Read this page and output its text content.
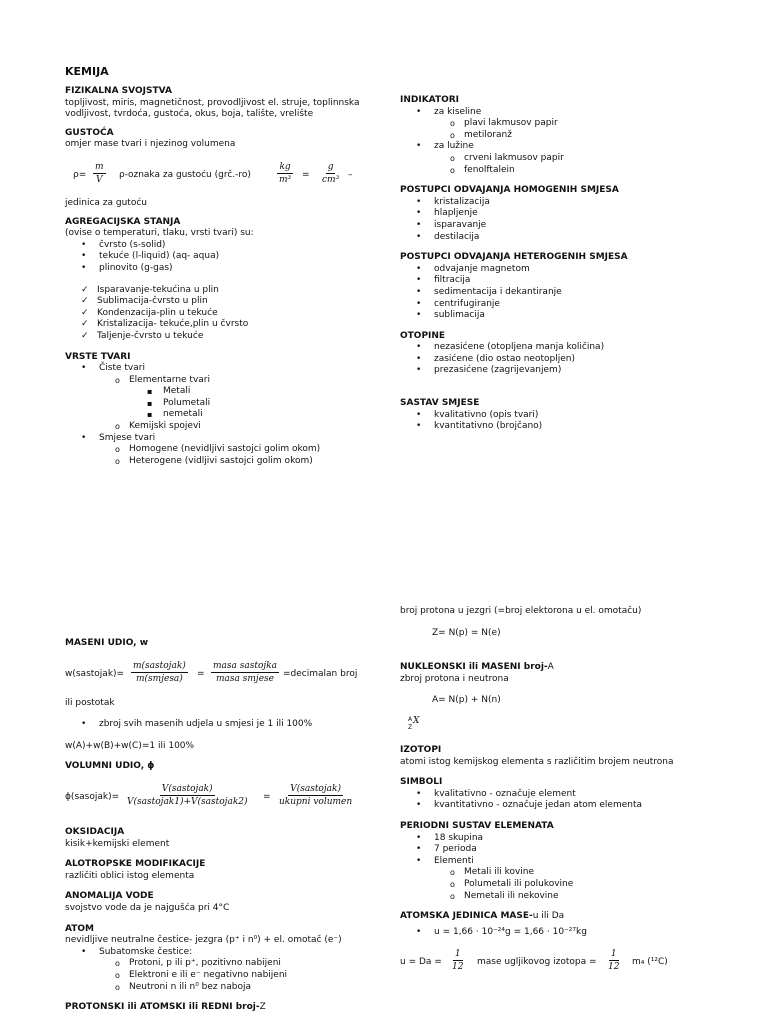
KEMIJA
FIZIKALNA SVOJSTVA
topljivost, miris, magnetičnost, provodljivost el. struje, toplinnska
vodljivost, tvrdoća, gustoća, okus, boja, talište, vrelište
GUSTOĆA
omjer mase tvari i njezinog volumena
$\rho= \frac{m}{V}$ ρ-oznaka za gustoću (grč.-ro)	$\frac{kg}{\text{m³}} = \frac{g}{\text{cm³}}$ –
jedinica za gutoću
AGREGACIJSKA STANJA
(ovise o temperaturi, tlaku, vrsti tvari) su:
• čvrsto (s-solid)
• tekuće (l-liquid) (aq- aqua)
• plinovito (g-gas)
✓ Isparavanje-tekućina u plin
✓ Sublimacija-čvrsto u plin
✓ Kondenzacija-plin u tekuće
✓ Kristalizacija- tekuće,plin u čvrsto
✓ Taljenje-čvrsto u tekuće
VRSTE TVARI
• Čiste tvari
o Elementarne tvari
▪ Metali
▪ Polumetali
▪ nemetali
o Kemijski spojevi
• Smjese tvari
o Homogene (nevidljivi sastojci golim okom)
o Heterogene (vidljivi sastojci golim okom)
MASENI UDIO, w
w(sastojak)=
m(sastojak)
m(smjesa) =
masa sastojka
masa smjese =decimalan broj
ili postotak
• zbroj svih masenih udjela u smjesi je 1 ili 100%
w(A)+w(B)+w(C)=1 ili 100%
VOLUMNI UDIO, ϕ
ϕ(sasojak)=
V(sastojak)
V(sastojak1)+V(sastojak2) =
V(sastojak)
ukupni volumen
OKSIDACIJA
kisik+kemijski element
ALOTROPSKE MODIFIKACIJE
različiti oblici istog elementa
ANOMALIJA VODE
svojstvo vode da je najgušća pri 4°C
ATOM
nevidljive neutralne čestice- jezgra (p⁺ i n⁰) + el. omotač (e⁻)
• Subatomske čestice:
o Protoni, p ili p⁺, pozitivno nabijeni
o Elektroni e ili e⁻ negativno nabijeni
o Neutroni n ili n⁰ bez naboja
PROTONSKI ili ATOMSKI ili REDNI broj-Z
INDIKATORI
• za kiseline
o plavi lakmusov papir
o metiloranž
• za lužine
o crveni lakmusov papir
o fenolftalein
POSTUPCI ODVAJANJA HOMOGENIH SMJESA
• kristalizacija
• hlapljenje
• isparavanje
• destilacija
POSTUPCI ODVAJANJA HETEROGENIH SMJESA
• odvajanje magnetom
• filtracija
• sedimentacija i dekantiranje
• centrifugiranje
• sublimacija
OTOPINE
• nezasićene (otopljena manja količina)
• zasićene (dio ostao neotopljen)
• prezasićene (zagrijevanjem)
SASTAV SMJESE
• kvalitativno (opis tvari)
• kvantitativno (brojčano)
broj protona u jezgri (=broj elektorona u el. omotaču)
Z= N(p) = N(e)
NUKLEONSKI ili MASENI broj-A
zbroj protona i neutrona
A= N(p) + N(n)
A
Z
X
IZOTOPI
atomi istog kemijskog elementa s različitim brojem neutrona
SIMBOLI
• kvalitativno - označuje element
• kvantitativno - označuje jedan atom elementa
PERIODNI SUSTAV ELEMENATA
• 18 skupina
• 7 perioda
• Elementi
o Metali ili kovine
o Polumetali ili polukovine
o Nemetali ili nekovine
ATOMSKA JEDINICA MASE-u ili Da
• u = 1,66 · 10⁻²⁴g = 1,66 · 10⁻²⁷kg
$u = Da = \frac{1}{12}$ mase ugljikovog izotopa = $\frac{1}{12} m_4$ (¹²C)
